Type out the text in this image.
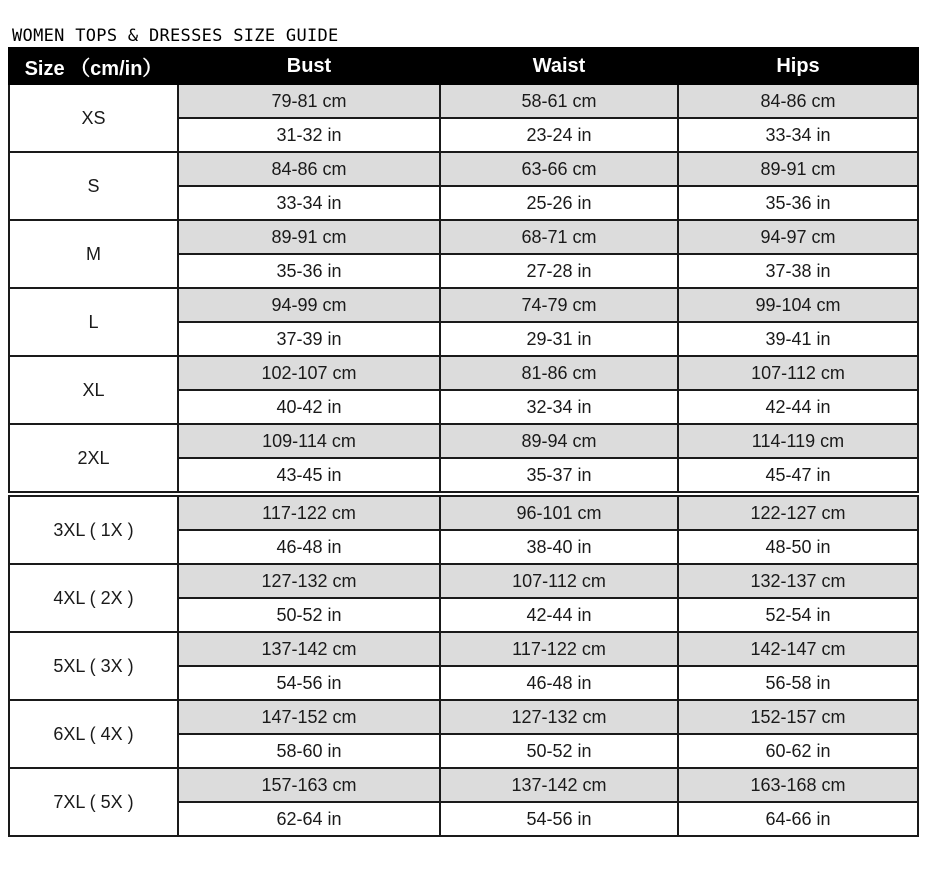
WOMEN TOPS & DRESSES SIZE GUIDE
Size （cm/in）	Bust	Waist	Hips
XS	79-81 cm	58-61 cm	84-86 cm
	31-32 in	23-24 in	33-34 in
S	84-86 cm	63-66 cm	89-91 cm
	33-34 in	25-26 in	35-36 in
M	89-91 cm	68-71 cm	94-97 cm
	35-36 in	27-28 in	37-38 in
L	94-99 cm	74-79 cm	99-104 cm
	37-39 in	29-31 in	39-41 in
XL	102-107 cm	81-86 cm	107-112 cm
	40-42 in	32-34 in	42-44 in
2XL	109-114 cm	89-94 cm	114-119 cm
	43-45 in	35-37 in	45-47 in
3XL ( 1X )	117-122 cm	96-101 cm	122-127 cm
	46-48 in	38-40 in	48-50 in
4XL ( 2X )	127-132 cm	107-112 cm	132-137 cm
	50-52 in	42-44 in	52-54 in
5XL ( 3X )	137-142 cm	117-122 cm	142-147 cm
	54-56 in	46-48 in	56-58 in
6XL ( 4X )	147-152 cm	127-132 cm	152-157 cm
	58-60 in	50-52 in	60-62 in
7XL ( 5X )	157-163 cm	137-142 cm	163-168 cm
	62-64 in	54-56 in	64-66 in
